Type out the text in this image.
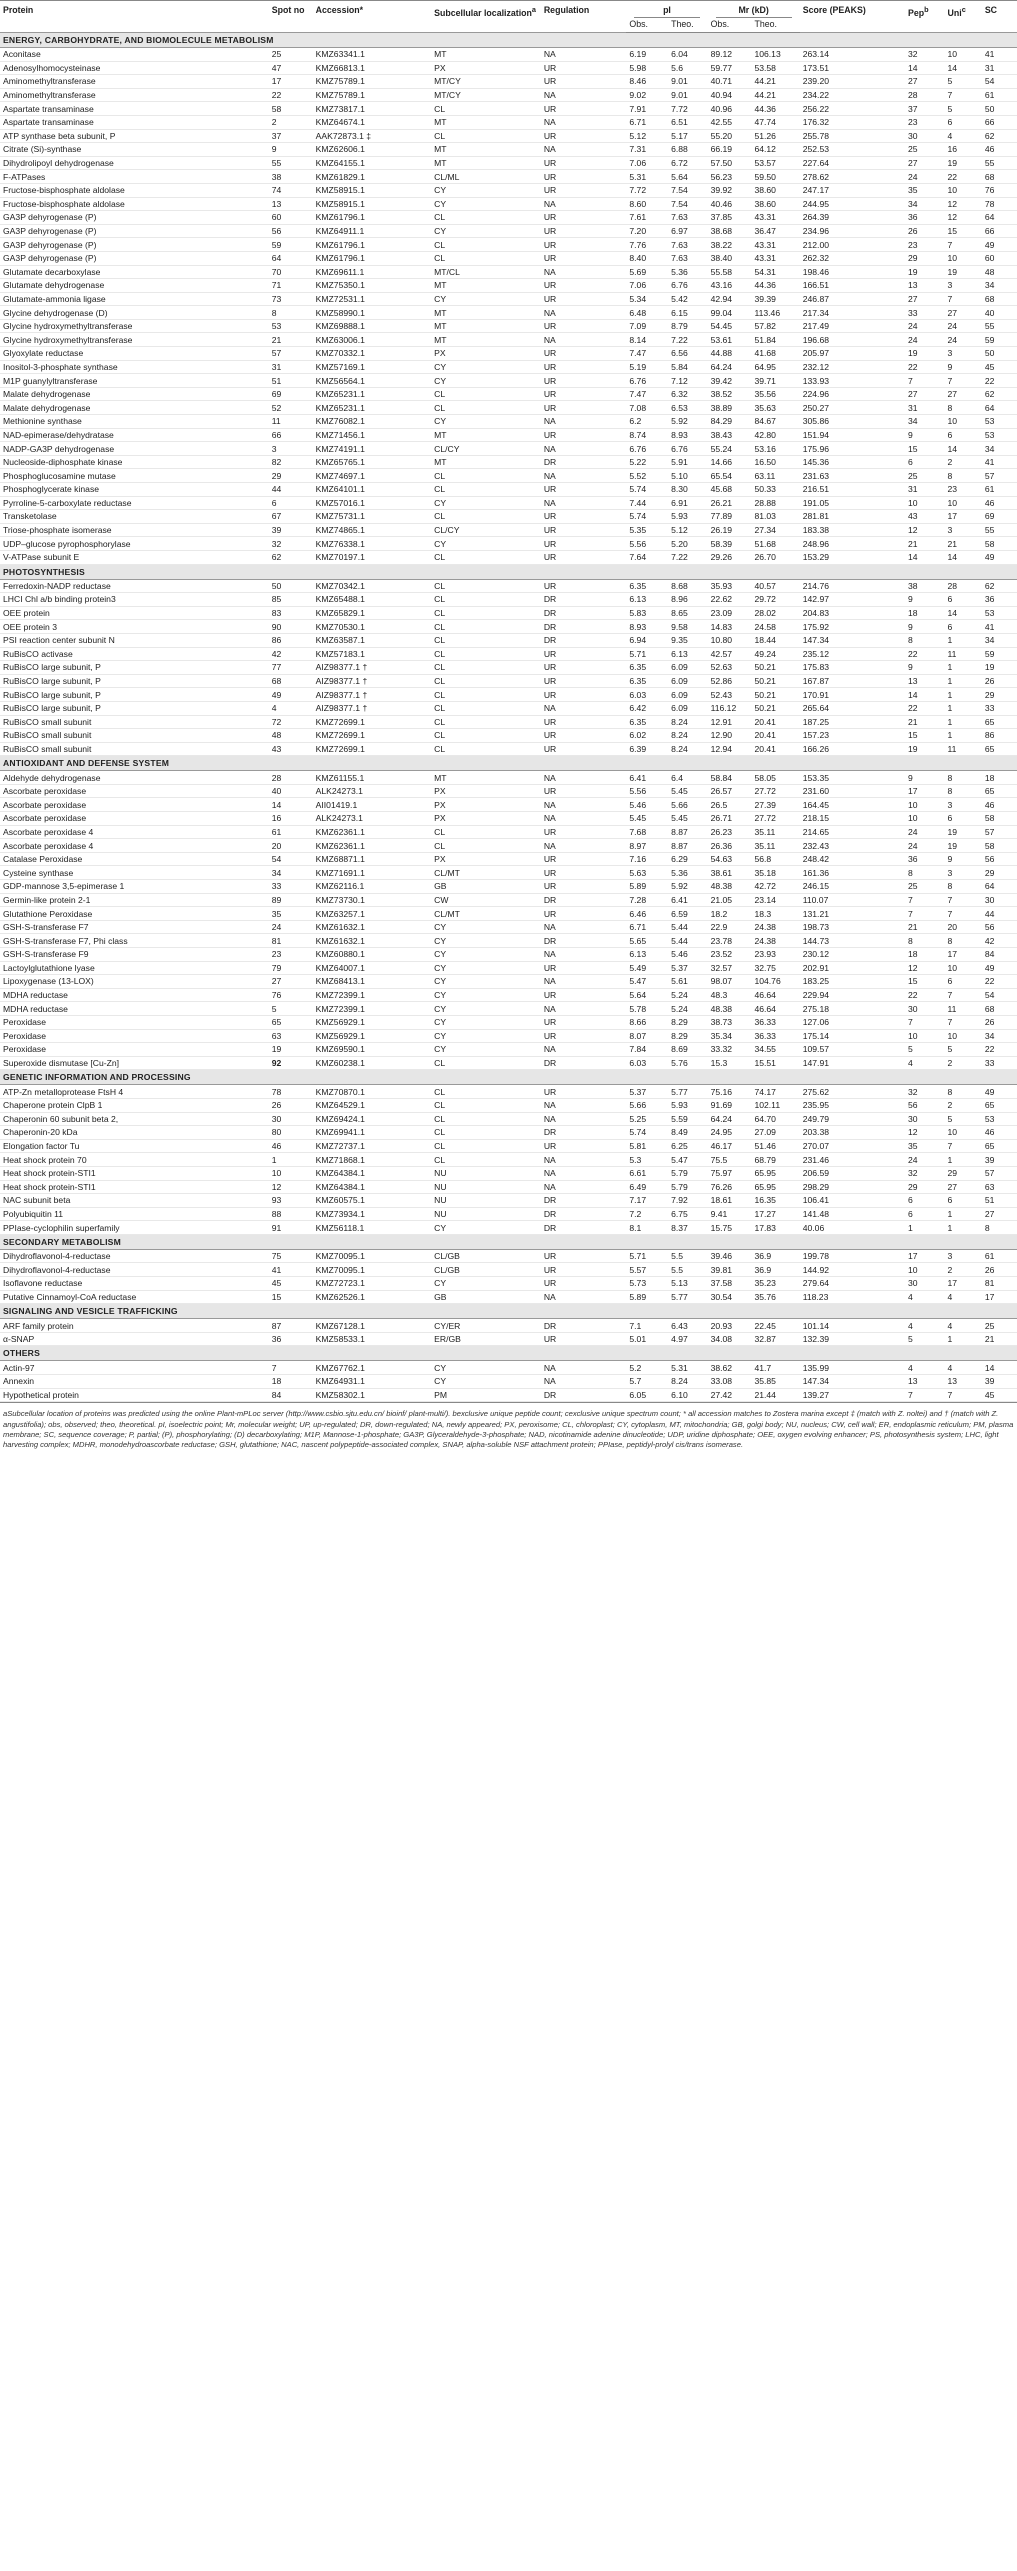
Protein	Spot no	Accession*	Subcellular localization$^a$	Regulation	pI		Mr (kD)		Score (PEAKS)	Pep$^b$	Uni$^c$	SC
					Obs.	Theo.	Obs.	Theo.				
ENERGY, CARBOHYDRATE, AND BIOMOLECULE METABOLISM												
Aconitase	25	KMZ63341.1	MT	NA	6.19	6.04	89.12	106.13	263.14	32	10	41
Adenosylhomocysteinase	47	KMZ66813.1	PX	UR	5.98	5.6	59.77	53.58	173.51	14	14	31
Aminomethyltransferase	17	KMZ75789.1	MT/CY	UR	8.46	9.01	40.71	44.21	239.20	27	5	54
Aminomethyltransferase	22	KMZ75789.1	MT/CY	NA	9.02	9.01	40.94	44.21	234.22	28	7	61
Aspartate transaminase	58	KMZ73817.1	CL	UR	7.91	7.72	40.96	44.36	256.22	37	5	50
Aspartate transaminase	2	KMZ64674.1	MT	NA	6.71	6.51	42.55	47.74	176.32	23	6	66
ATP synthase beta subunit, P	37	AAK72873.1 ‡	CL	UR	5.12	5.17	55.20	51.26	255.78	30	4	62
Citrate (Si)-synthase	9	KMZ62606.1	MT	NA	7.31	6.88	66.19	64.12	252.53	25	16	46
Dihydrolipoyl dehydrogenase	55	KMZ64155.1	MT	UR	7.06	6.72	57.50	53.57	227.64	27	19	55
F-ATPases	38	KMZ61829.1	CL/ML	UR	5.31	5.64	56.23	59.50	278.62	24	22	68
Fructose-bisphosphate aldolase	74	KMZ58915.1	CY	UR	7.72	7.54	39.92	38.60	247.17	35	10	76
Fructose-bisphosphate aldolase	13	KMZ58915.1	CY	NA	8.60	7.54	40.46	38.60	244.95	34	12	78
GA3P dehyrogenase (P)	60	KMZ61796.1	CL	UR	7.61	7.63	37.85	43.31	264.39	36	12	64
GA3P dehyrogenase (P)	56	KMZ64911.1	CY	UR	7.20	6.97	38.68	36.47	234.96	26	15	66
GA3P dehyrogenase (P)	59	KMZ61796.1	CL	UR	7.76	7.63	38.22	43.31	212.00	23	7	49
GA3P dehyrogenase (P)	64	KMZ61796.1	CL	UR	8.40	7.63	38.40	43.31	262.32	29	10	60
Glutamate decarboxylase	70	KMZ69611.1	MT/CL	NA	5.69	5.36	55.58	54.31	198.46	19	19	48
Glutamate dehydrogenase	71	KMZ75350.1	MT	UR	7.06	6.76	43.16	44.36	166.51	13	3	34
Glutamate-ammonia ligase	73	KMZ72531.1	CY	UR	5.34	5.42	42.94	39.39	246.87	27	7	68
Glycine dehydrogenase (D)	8	KMZ58990.1	MT	NA	6.48	6.15	99.04	113.46	217.34	33	27	40
Glycine hydroxymethyltransferase	53	KMZ69888.1	MT	UR	7.09	8.79	54.45	57.82	217.49	24	24	55
Glycine hydroxymethyltransferase	21	KMZ63006.1	MT	NA	8.14	7.22	53.61	51.84	196.68	24	24	59
Glyoxylate reductase	57	KMZ70332.1	PX	UR	7.47	6.56	44.88	41.68	205.97	19	3	50
Inositol-3-phosphate synthase	31	KMZ57169.1	CY	UR	5.19	5.84	64.24	64.95	232.12	22	9	45
M1P guanylyltransferase	51	KMZ56564.1	CY	UR	6.76	7.12	39.42	39.71	133.93	7	7	22
Malate dehydrogenase	69	KMZ65231.1	CL	UR	7.47	6.32	38.52	35.56	224.96	27	27	62
Malate dehydrogenase	52	KMZ65231.1	CL	UR	7.08	6.53	38.89	35.63	250.27	31	8	64
Methionine synthase	11	KMZ76082.1	CY	NA	6.2	5.92	84.29	84.67	305.86	34	10	53
NAD-epimerase/dehydratase	66	KMZ71456.1	MT	UR	8.74	8.93	38.43	42.80	151.94	9	6	53
NADP-GA3P dehydrogenase	3	KMZ74191.1	CL/CY	NA	6.76	6.76	55.24	53.16	175.96	15	14	34
Nucleoside-diphosphate kinase	82	KMZ65765.1	MT	DR	5.22	5.91	14.66	16.50	145.36	6	2	41
Phosphoglucosamine mutase	29	KMZ74697.1	CL	NA	5.52	5.10	65.54	63.11	231.63	25	8	57
Phosphoglycerate kinase	44	KMZ64101.1	CL	UR	5.74	8.30	45.68	50.33	216.51	31	23	61
Pyrroline-5-carboxylate reductase	6	KMZ57016.1	CY	NA	7.44	6.91	26.21	28.88	191.05	10	10	46
Transketolase	67	KMZ75731.1	CL	UR	5.74	5.93	77.89	81.03	281.81	43	17	69
Triose-phosphate isomerase	39	KMZ74865.1	CL/CY	UR	5.35	5.12	26.19	27.34	183.38	12	3	55
UDP–glucose pyrophosphorylase	32	KMZ76338.1	CY	UR	5.56	5.20	58.39	51.68	248.96	21	21	58
V-ATPase subunit E	62	KMZ70197.1	CL	UR	7.64	7.22	29.26	26.70	153.29	14	14	49
PHOTOSYNTHESIS												
Ferredoxin-NADP reductase	50	KMZ70342.1	CL	UR	6.35	8.68	35.93	40.57	214.76	38	28	62
LHCI Chl a/b binding protein3	85	KMZ65488.1	CL	DR	6.13	8.96	22.62	29.72	142.97	9	6	36
OEE protein	83	KMZ65829.1	CL	DR	5.83	8.65	23.09	28.02	204.83	18	14	53
OEE protein 3	90	KMZ70530.1	CL	DR	8.93	9.58	14.83	24.58	175.92	9	6	41
PSI reaction center subunit N	86	KMZ63587.1	CL	DR	6.94	9.35	10.80	18.44	147.34	8	1	34
RuBisCO activase	42	KMZ57183.1	CL	UR	5.71	6.13	42.57	49.24	235.12	22	11	59
RuBisCO large subunit, P	77	AIZ98377.1 †	CL	UR	6.35	6.09	52.63	50.21	175.83	9	1	19
RuBisCO large subunit, P	68	AIZ98377.1 †	CL	UR	6.35	6.09	52.86	50.21	167.87	13	1	26
RuBisCO large subunit, P	49	AIZ98377.1 †	CL	UR	6.03	6.09	52.43	50.21	170.91	14	1	29
RuBisCO large subunit, P	4	AIZ98377.1 †	CL	NA	6.42	6.09	116.12	50.21	265.64	22	1	33
RuBisCO small subunit	72	KMZ72699.1	CL	UR	6.35	8.24	12.91	20.41	187.25	21	1	65
RuBisCO small subunit	48	KMZ72699.1	CL	UR	6.02	8.24	12.90	20.41	157.23	15	1	86
RuBisCO small subunit	43	KMZ72699.1	CL	UR	6.39	8.24	12.94	20.41	166.26	19	11	65
ANTIOXIDANT AND DEFENSE SYSTEM												
Aldehyde dehydrogenase	28	KMZ61155.1	MT	NA	6.41	6.4	58.84	58.05	153.35	9	8	18
Ascorbate peroxidase	40	ALK24273.1	PX	UR	5.56	5.45	26.57	27.72	231.60	17	8	65
Ascorbate peroxidase	14	AII01419.1	PX	NA	5.46	5.66	26.5	27.39	164.45	10	3	46
Ascorbate peroxidase	16	ALK24273.1	PX	NA	5.45	5.45	26.71	27.72	218.15	10	6	58
Ascorbate peroxidase 4	61	KMZ62361.1	CL	UR	7.68	8.87	26.23	35.11	214.65	24	19	57
Ascorbate peroxidase 4	20	KMZ62361.1	CL	NA	8.97	8.87	26.36	35.11	232.43	24	19	58
Catalase Peroxidase	54	KMZ68871.1	PX	UR	7.16	6.29	54.63	56.8	248.42	36	9	56
Cysteine synthase	34	KMZ71691.1	CL/MT	UR	5.63	5.36	38.61	35.18	161.36	8	3	29
GDP-mannose 3,5-epimerase 1	33	KMZ62116.1	GB	UR	5.89	5.92	48.38	42.72	246.15	25	8	64
Germin-like protein 2-1	89	KMZ73730.1	CW	DR	7.28	6.41	21.05	23.14	110.07	7	7	30
Glutathione Peroxidase	35	KMZ63257.1	CL/MT	UR	6.46	6.59	18.2	18.3	131.21	7	7	44
GSH-S-transferase F7	24	KMZ61632.1	CY	NA	6.71	5.44	22.9	24.38	198.73	21	20	56
GSH-S-transferase F7, Phi class	81	KMZ61632.1	CY	DR	5.65	5.44	23.78	24.38	144.73	8	8	42
GSH-S-transferase F9	23	KMZ60880.1	CY	NA	6.13	5.46	23.52	23.93	230.12	18	17	84
Lactoylglutathione lyase	79	KMZ64007.1	CY	UR	5.49	5.37	32.57	32.75	202.91	12	10	49
Lipoxygenase (13-LOX)	27	KMZ68413.1	CY	NA	5.47	5.61	98.07	104.76	183.25	15	6	22
MDHA reductase	76	KMZ72399.1	CY	UR	5.64	5.24	48.3	46.64	229.94	22	7	54
MDHA reductase	5	KMZ72399.1	CY	NA	5.78	5.24	48.38	46.64	275.18	30	11	68
Peroxidase	65	KMZ56929.1	CY	UR	8.66	8.29	38.73	36.33	127.06	7	7	26
Peroxidase	63	KMZ56929.1	CY	UR	8.07	8.29	35.34	36.33	175.14	10	10	34
Peroxidase	19	KMZ69590.1	CY	NA	7.84	8.69	33.32	34.55	109.57	5	5	22
Superoxide dismutase [Cu-Zn]	92	KMZ60238.1	CL	DR	6.03	5.76	15.3	15.51	147.91	4	2	33
GENETIC INFORMATION AND PROCESSING												
ATP-Zn metalloprotease FtsH 4	78	KMZ70870.1	CL	UR	5.37	5.77	75.16	74.17	275.62	32	8	49
Chaperone protein ClpB 1	26	KMZ64529.1	CL	NA	5.66	5.93	91.69	102.11	235.95	56	2	65
Chaperonin 60 subunit beta 2,	30	KMZ69424.1	CL	NA	5.25	5.59	64.24	64.70	249.79	30	5	53
Chaperonin-20 kDa	80	KMZ69941.1	CL	DR	5.74	8.49	24.95	27.09	203.38	12	10	46
Elongation factor Tu	46	KMZ72737.1	CL	UR	5.81	6.25	46.17	51.46	270.07	35	7	65
Heat shock protein 70	1	KMZ71868.1	CL	NA	5.3	5.47	75.5	68.79	231.46	24	1	39
Heat shock protein-STI1	10	KMZ64384.1	NU	NA	6.61	5.79	75.97	65.95	206.59	32	29	57
Heat shock protein-STI1	12	KMZ64384.1	NU	NA	6.49	5.79	76.26	65.95	298.29	29	27	63
NAC subunit beta	93	KMZ60575.1	NU	DR	7.17	7.92	18.61	16.35	106.41	6	6	51
Polyubiquitin 11	88	KMZ73934.1	NU	DR	7.2	6.75	9.41	17.27	141.48	6	1	27
PPIase-cyclophilin superfamily	91	KMZ56118.1	CY	DR	8.1	8.37	15.75	17.83	40.06	1	1	8
SECONDARY METABOLISM												
Dihydroflavonol-4-reductase	75	KMZ70095.1	CL/GB	UR	5.71	5.5	39.46	36.9	199.78	17	3	61
Dihydroflavonol-4-reductase	41	KMZ70095.1	CL/GB	UR	5.57	5.5	39.81	36.9	144.92	10	2	26
Isoflavone reductase	45	KMZ72723.1	CY	UR	5.73	5.13	37.58	35.23	279.64	30	17	81
Putative Cinnamoyl-CoA reductase	15	KMZ62526.1	GB	NA	5.89	5.77	30.54	35.76	118.23	4	4	17
SIGNALING AND VESICLE TRAFFICKING												
ARF family protein	87	KMZ67128.1	CY/ER	DR	7.1	6.43	20.93	22.45	101.14	4	4	25
α-SNAP	36	KMZ58533.1	ER/GB	UR	5.01	4.97	34.08	32.87	132.39	5	1	21
OTHERS												
Actin-97	7	KMZ67762.1	CY	NA	5.2	5.31	38.62	41.7	135.99	4	4	14
Annexin	18	KMZ64931.1	CY	NA	5.7	8.24	33.08	35.85	147.34	13	13	39
Hypothetical protein	84	KMZ58302.1	PM	DR	6.05	6.10	27.42	21.44	139.27	7	7	45
aSubcellular location of proteins was predicted using the online Plant-mPLoc server (http://www.csbio.sjtu.edu.cn/ bioinf/ plant-multi/). bexclusive unique peptide count; cexclusive unique spectrum count; * all accession matches to Zostera marina except ‡ (match with Z. noltei) and † (match with Z. angustifolia); obs, observed; theo, theoretical. pI, isoelectric point; Mr, molecular weight; UP, up-regulated; DR, down-regulated; NA, newly appeared; PX, peroxisome; CL, chloroplast; CY, cytoplasm, MT, mitochondria; GB, golgi body; NU, nucleus; CW, cell wall; ER, endoplasmic reticulum; PM, plasma membrane; SC, sequence coverage; P, partial; (P), phosphorylating; (D) decarboxylating; M1P, Mannose-1-phosphate; GA3P, Glyceraldehyde-3-phosphate; NAD, nicotinamide adenine dinucleotide; UDP, uridine diphosphate; OEE, oxygen evolving enhancer; PS, photosynthesis system; LHC, light harvesting complex; MDHR, monodehydroascorbate reductase; GSH, glutathione; NAC, nascent polypeptide-associated complex, SNAP, alpha-soluble NSF attachment protein; PPIase, peptidyl-prolyl cis/trans isomerase.
